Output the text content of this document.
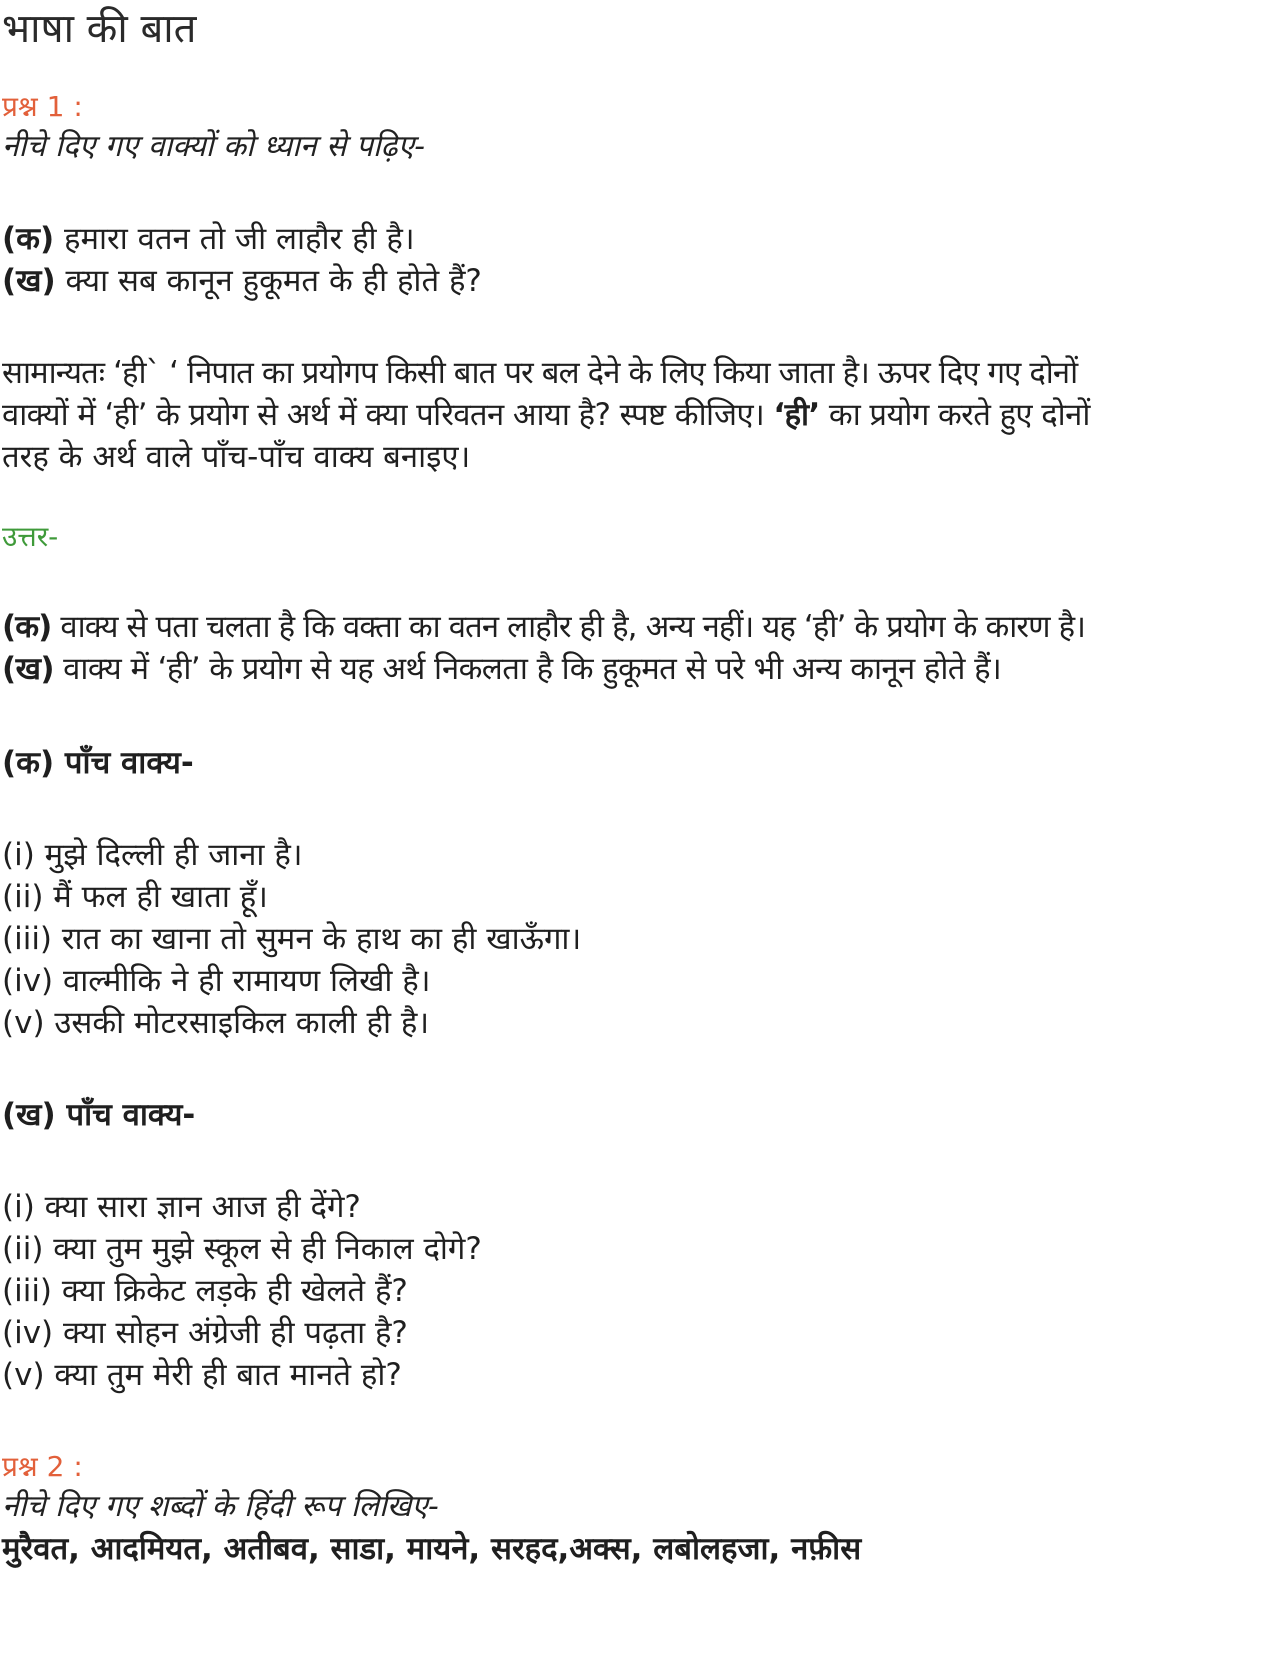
भाषा की बात
प्रश्न 1 :
नीचे दिए गए वाक्यों को ध्यान से पढ़िए-
(क) हमारा वतन तो जी लाहौर ही है।
(ख) क्या सब कानून हुकूमत के ही होते हैं?
सामान्यतः ‘ही` ‘ निपात का प्रयोगप किसी बात पर बल देने के लिए किया जाता है। ऊपर दिए गए दोनों
वाक्यों में ‘ही’ के प्रयोग से अर्थ में क्या परिवतन आया है? स्पष्ट कीजिए। ‘ही’ का प्रयोग करते हुए दोनों
तरह के अर्थ वाले पाँच-पाँच वाक्य बनाइए।
उत्तर-
(क) वाक्य से पता चलता है कि वक्ता का वतन लाहौर ही है, अन्य नहीं। यह ‘ही’ के प्रयोग के कारण है।
(ख) वाक्य में ‘ही’ के प्रयोग से यह अर्थ निकलता है कि हुकूमत से परे भी अन्य कानून होते हैं।
(क) पाँच वाक्य-
(i) मुझे दिल्ली ही जाना है।
(ii) मैं फल ही खाता हूँ।
(iii) रात का खाना तो सुमन के हाथ का ही खाऊँगा।
(iv) वाल्मीकि ने ही रामायण लिखी है।
(v) उसकी मोटरसाइकिल काली ही है।
(ख) पाँच वाक्य-
(i) क्या सारा ज्ञान आज ही देंगे?
(ii) क्या तुम मुझे स्कूल से ही निकाल दोगे?
(iii) क्या क्रिकेट लड़के ही खेलते हैं?
(iv) क्या सोहन अंग्रेजी ही पढ़ता है?
(v) क्या तुम मेरी ही बात मानते हो?
प्रश्न 2 :
नीचे दिए गए शब्दों के हिंदी रूप लिखिए-
मुरैवत, आदमियत, अतीबव, साडा, मायने, सरहद,अक्स, लबोलहजा, नफ़ीस
